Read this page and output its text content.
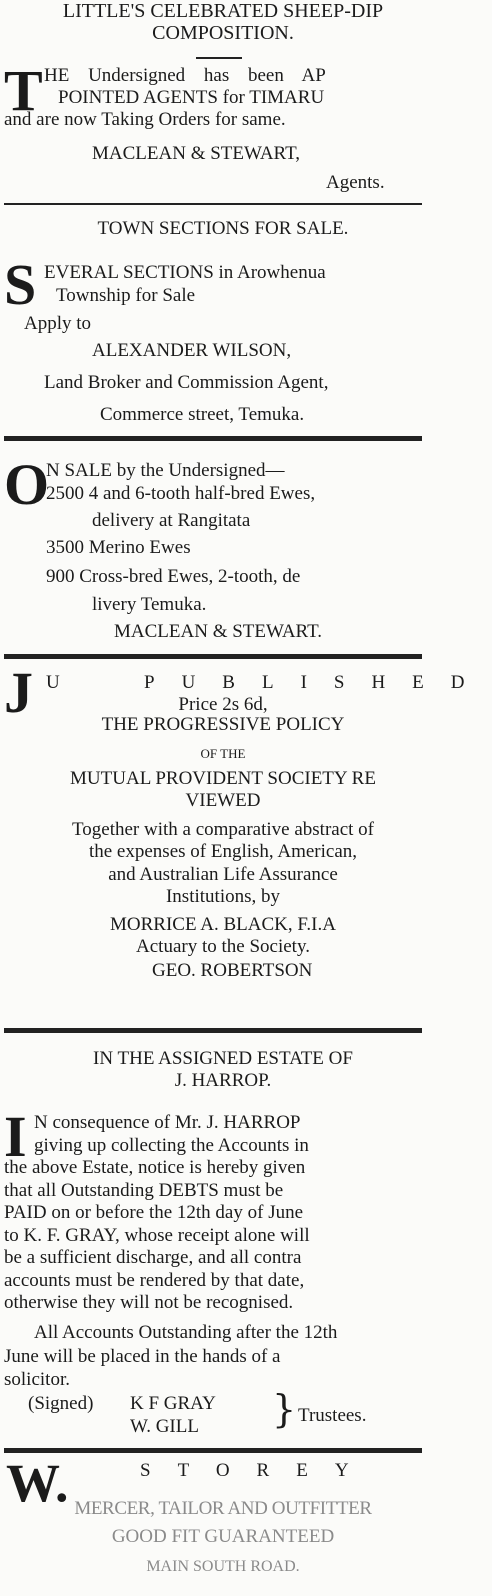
LITTLE'S CELEBRATED SHEEP-DIP
COMPOSITION.
T HE Undersigned has been AP
POINTED AGENTS for TIMARU
and are now Taking Orders for same.
MACLEAN & STEWART,
Agents.
TOWN SECTIONS FOR SALE.
S EVERAL SECTIONS in Arowhenua
Township for Sale
Apply to
ALEXANDER WILSON,
Land Broker and Commission Agent,
Commerce street, Temuka.
O
N SALE by the Undersigned—
2500 4 and 6-tooth half-bred Ewes,
delivery at Rangitata
3500 Merino Ewes
900 Cross-bred Ewes, 2-tooth, de
livery Temuka.
MACLEAN & STEWART.
J U	PUBLISHED
Price 2s 6d,
THE PROGRESSIVE POLICY
OF THE
MUTUAL PROVIDENT SOCIETY RE
VIEWED
Together with a comparative abstract of
the expenses of English, American,
and Australian Life Assurance
Institutions, by
MORRICE A. BLACK, F.I.A
Actuary to the Society.
GEO. ROBERTSON
IN THE ASSIGNED ESTATE OF
J. HARROP.
I N consequence of Mr. J. HARROP
giving up collecting the Accounts in
the above Estate, notice is hereby given
that all Outstanding DEBTS must be
PAID on or before the 12th day of June
to K. F. GRAY, whose receipt alone will
be a sufficient discharge, and all contra
accounts must be rendered by that date,
otherwise they will not be recognised.
All Accounts Outstanding after the 12th
June will be placed in the hands of a
solicitor.
(Signed) K F GRAY
W. GILL } Trustees.
W.	STOREY
MERCER, TAILOR AND OUTFITTER
GOOD FIT GUARANTEED
MAIN SOUTH ROAD.
